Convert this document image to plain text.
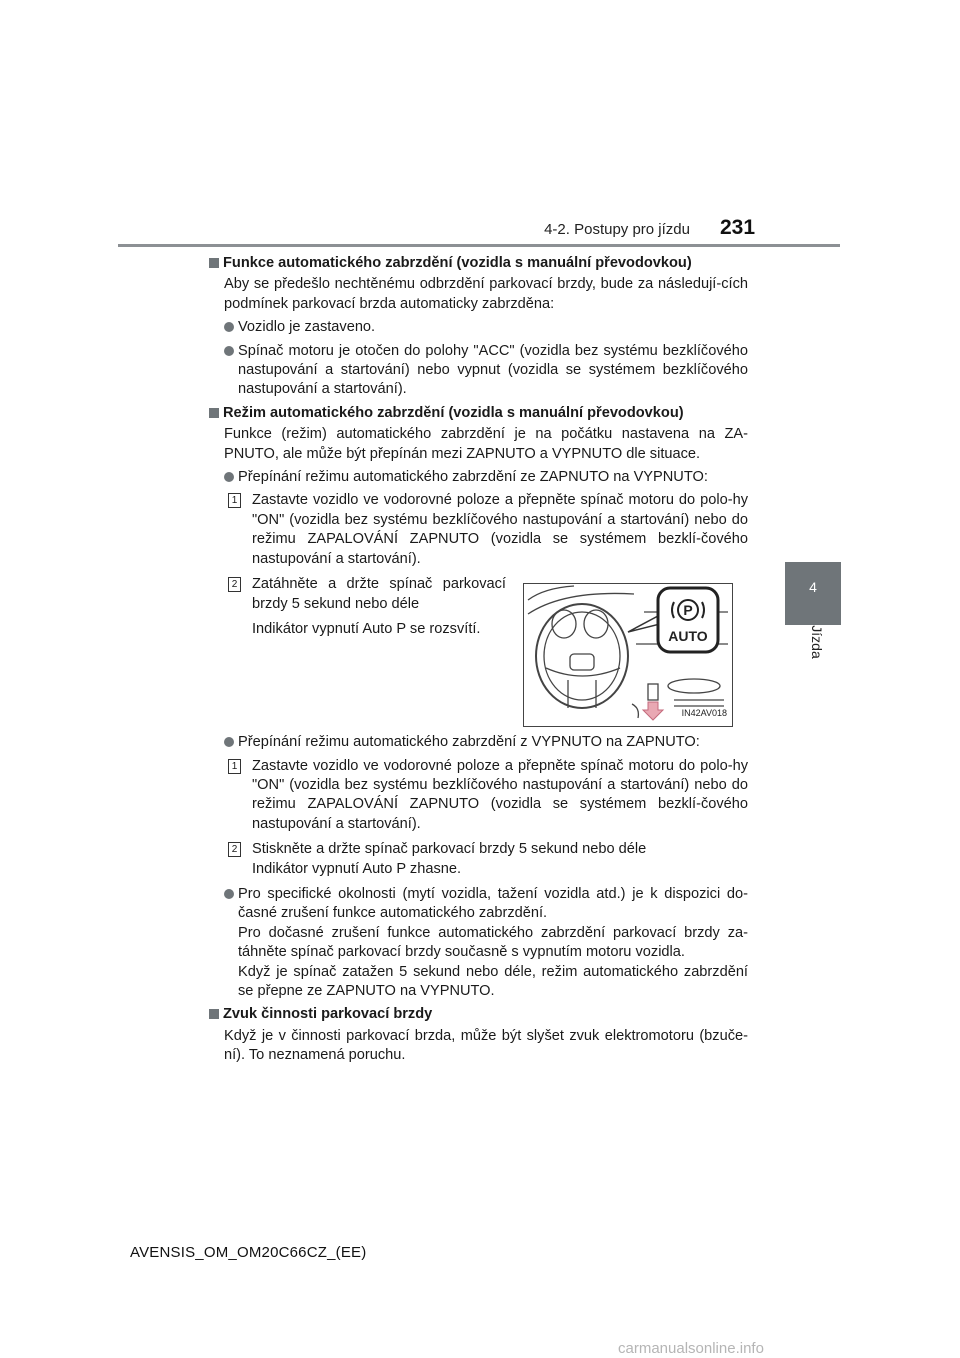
4-2. Postupy pro jízdu 231
4
Jízda
Funkce automatického zabrzdění (vozidla s manuální převodovkou)
Aby se předešlo nechtěnému odbrzdění parkovací brzdy, bude za následují-cích podmínek parkovací brzda automaticky zabrzděna:
Vozidlo je zastaveno.
Spínač motoru je otočen do polohy "ACC" (vozidla bez systému bezklíčového nastupování a startování) nebo vypnut (vozidla se systémem bezklíčového nastupování a startování).
Režim automatického zabrzdění (vozidla s manuální převodovkou)
Funkce (režim) automatického zabrzdění je na počátku nastavena na ZA-PNUTO, ale může být přepínán mezi ZAPNUTO a VYPNUTO dle situace.
Přepínání režimu automatického zabrzdění ze ZAPNUTO na VYPNUTO:
1 Zastavte vozidlo ve vodorovné poloze a přepněte spínač motoru do polo-hy "ON" (vozidla bez systému bezklíčového nastupování a startování) nebo do režimu ZAPALOVÁNÍ ZAPNUTO (vozidla se systémem bezklí-čového nastupování a startování).
2 Zatáhněte a držte spínač parkovací brzdy 5 sekund nebo déle
Indikátor vypnutí Auto P se rozsvítí.
P
AUTO
IN42AV018
Přepínání režimu automatického zabrzdění z VYPNUTO na ZAPNUTO:
1 Zastavte vozidlo ve vodorovné poloze a přepněte spínač motoru do polo-hy "ON" (vozidla bez systému bezklíčového nastupování a startování) nebo do režimu ZAPALOVÁNÍ ZAPNUTO (vozidla se systémem bezklí-čového nastupování a startování).
2 Stiskněte a držte spínač parkovací brzdy 5 sekund nebo déle
Indikátor vypnutí Auto P zhasne.
Pro specifické okolnosti (mytí vozidla, tažení vozidla atd.) je k dispozici do-časné zrušení funkce automatického zabrzdění.
Pro dočasné zrušení funkce automatického zabrzdění parkovací brzdy za-táhněte spínač parkovací brzdy současně s vypnutím motoru vozidla.
Když je spínač zatažen 5 sekund nebo déle, režim automatického zabrzdění se přepne ze ZAPNUTO na VYPNUTO.
Zvuk činnosti parkovací brzdy
Když je v činnosti parkovací brzda, může být slyšet zvuk elektromotoru (bzuče-ní). To neznamená poruchu.
AVENSIS_OM_OM20C66CZ_(EE)
carmanualsonline.info
